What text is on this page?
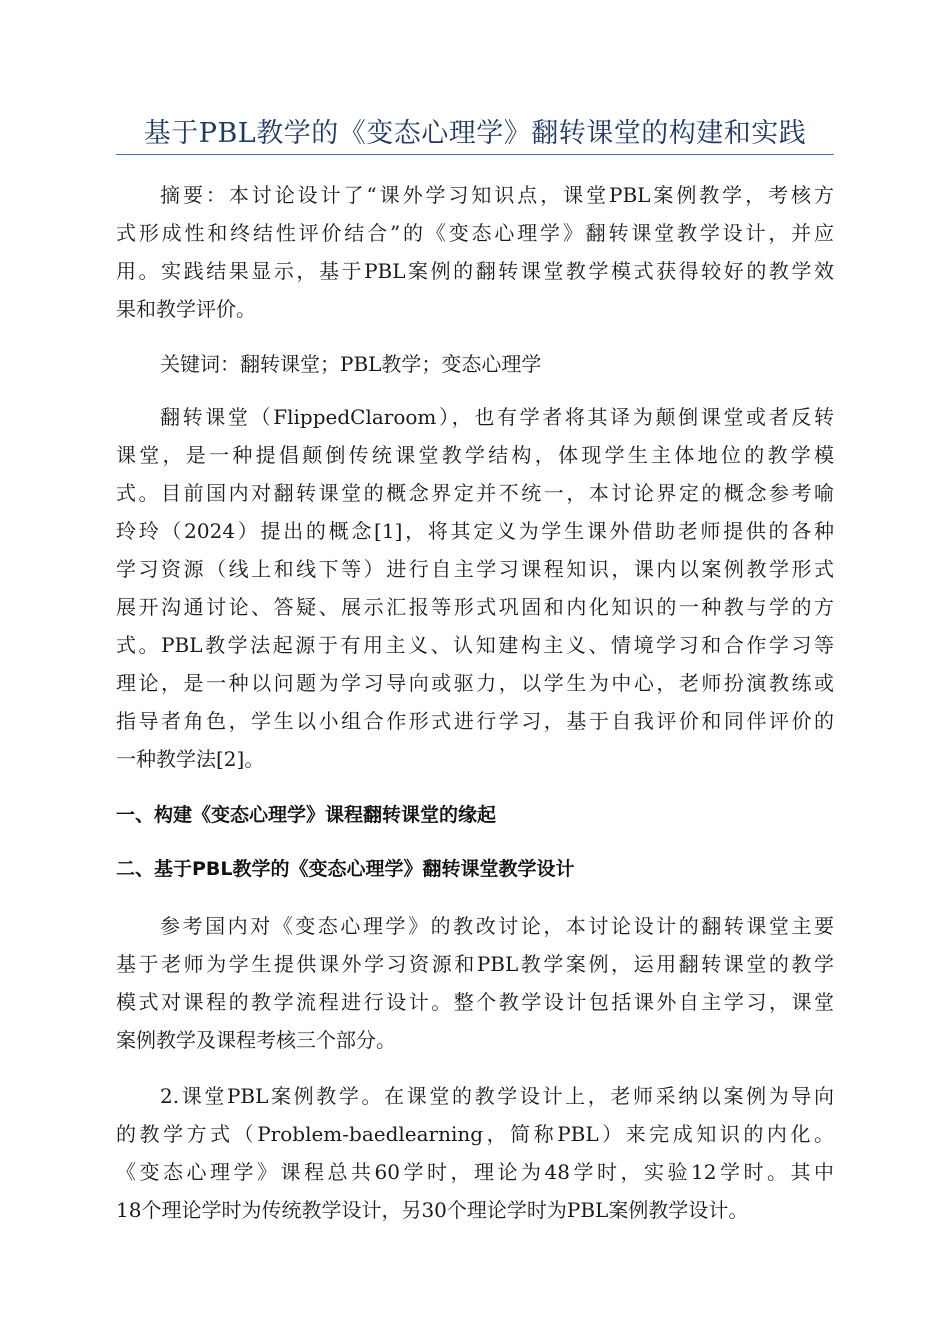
基于PBL教学的《变态心理学》翻转课堂的构建和实践

摘要：本讨论设计了“课外学习知识点，课堂PBL案例教学，考核方
式形成性和终结性评价结合”的《变态心理学》翻转课堂教学设计，并应
用。实践结果显示，基于PBL案例的翻转课堂教学模式获得较好的教学效
果和教学评价。

关键词：翻转课堂；PBL教学；变态心理学

翻转课堂（FlippedClaroom），也有学者将其译为颠倒课堂或者反转
课堂，是一种提倡颠倒传统课堂教学结构，体现学生主体地位的教学模
式。目前国内对翻转课堂的概念界定并不统一，本讨论界定的概念参考喻
玲玲（2024）提出的概念[1]，将其定义为学生课外借助老师提供的各种
学习资源（线上和线下等）进行自主学习课程知识，课内以案例教学形式
展开沟通讨论、答疑、展示汇报等形式巩固和内化知识的一种教与学的方
式。PBL教学法起源于有用主义、认知建构主义、情境学习和合作学习等
理论，是一种以问题为学习导向或驱力，以学生为中心，老师扮演教练或
指导者角色，学生以小组合作形式进行学习，基于自我评价和同伴评价的
一种教学法[2]。

一、构建《变态心理学》课程翻转课堂的缘起
二、基于PBL教学的《变态心理学》翻转课堂教学设计

参考国内对《变态心理学》的教改讨论，本讨论设计的翻转课堂主要
基于老师为学生提供课外学习资源和PBL教学案例，运用翻转课堂的教学
模式对课程的教学流程进行设计。整个教学设计包括课外自主学习，课堂
案例教学及课程考核三个部分。

2.课堂PBL案例教学。在课堂的教学设计上，老师采纳以案例为导向
的教学方式（Problem-baedlearning，简称PBL）来完成知识的内化。
《变态心理学》课程总共60学时，理论为48学时，实验12学时。其中
18个理论学时为传统教学设计，另30个理论学时为PBL案例教学设计。
